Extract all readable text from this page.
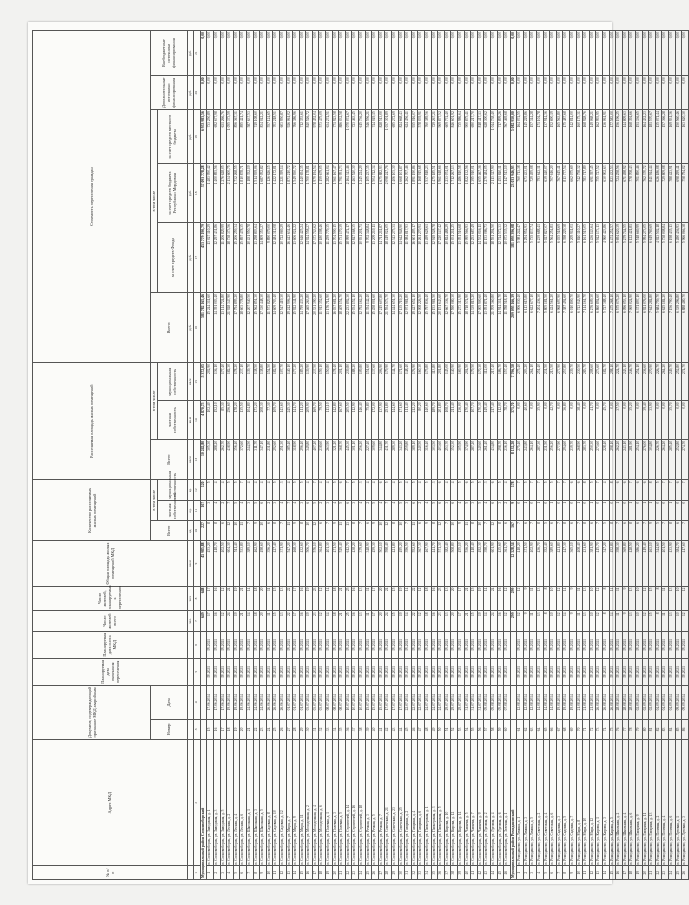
№ п/п	Адрес МКД	Документ, подтверждающий признание МКД аварийным		Планируемая дата окончания переселения	Планируемая дата сноса МКД	Число жителей всего	Число жителей, планируемых к переселению	Общая площадь жилых помещений МКД	Количество расселяемых жилых помещений			Расселяемая площадь жилых помещений			Стоимость переселения граждан					
		Номер	Дата						Всего	в том числе		Всего	в том числе		Всего:	в том числе			Дополнительные источники финансирования	Внебюджетные источники финансирования
										частная собственность	муниципальная собственность		частная собственность	муниципальная собственность		за счет средств Фонда	за счет средств бюджета Республики Мордовия	за счет средств местного бюджета		
						чел.	чел.	кв.м	ед.	ед.	ед.	кв.м	кв.м	кв.м	руб.	руб.	руб.	руб.	руб.	руб.
1	2	3	4	5	6	7	8	9	10	11	12	13	14	15	16	17	18	19	20	21
Муниципальный район Сосновоборский						649	648	45 985,88	227	107	120	10 242,80	4 870,75	5 372,05	581 782 165,46	453 779 190,79	37 093 778,28	6 953 983,56	0,00	0,00
1	п. Сосновоборск, ул. Заводская, д. 1	15	17.06.2014	IV.2021	IV.2021	17	17	453,20	8	3	5	305,30	102,40	202,90	15 244 311,60	13 027 110,29	1 483 950,42	733 250,89	0,00	0,00
2	п. Сосновоборск, ул. Заводская, д. 3	16	17.06.2014	IV.2021	IV.2021	16	16	418,70	8	4	4	288,20	152,10	136,10	14 391 003,40	12 297 431,86	1 400 893,56	692 677,98	0,00	0,00
3	п. Сосновоборск, ул. Заводская, д. 5	17	17.06.2014	IV.2021	IV.2021	12	12	402,50	6	2	4	262,70	85,30	177,40	13 114 724,80	11 206 829,99	1 276 628,05	631 266,76	0,00	0,00
4	п. Сосновоборск, ул. Лесная, д. 2	18	19.06.2014	IV.2021	IV.2021	24	24	604,30	12	7	5	438,90	256,60	182,30	21 928 347,90	18 738 373,56	2 134 600,75	1 055 373,59	0,00	0,00
5	п. Сосновоборск, ул. Лесная, д. 4	19	19.06.2014	IV.2021	IV.2021	19	19	511,40	10	5	5	356,40	178,20	178,20	17 794 895,20	15 206 259,34	1 732 268,55	856 367,31	0,00	0,00
6	п. Сосновоборск, ул. Лесная, д. 6	20	19.06.2014	IV.2021	IV.2021	21	21	533,80	11	4	7	372,60	135,50	237,10	18 603 778,80	15 897 478,35	1 810 878,71	895 421,74	0,00	0,00
7	п. Сосновоборск, ул. Школьная, д. 1	21	24.06.2014	IV.2021	IV.2021	14	14	389,10	7	3	4	244,50	104,80	139,70	12 207 940,50	10 431 950,78	1 188 352,19	587 637,53	0,00	0,00
8	п. Сосновоборск, ул. Школьная, д. 3	22	24.06.2014	IV.2021	IV.2021	18	18	462,90	9	5	4	311,70	173,20	138,50	15 562 851,30	13 298 803,64	1 514 939,06	749 108,60	0,00	0,00
9	п. Сосновоборск, ул. Школьная, д. 5	23	24.06.2014	IV.2021	IV.2021	20	20	498,60	10	6	4	347,10	208,30	138,80	17 330 448,30	14 809 353,27	1 687 052,82	834 042,21	0,00	0,00
10	п. Сосновоборск, ул. Садовая, д. 8	24	26.06.2014	IV.2021	IV.2021	11	11	356,20	6	2	4	231,80	77,30	154,50	11 573 829,80	9 890 079,00	1 126 626,15	557 124,65	0,00	0,00
11	п. Сосновоборск, ул. Садовая, д. 10	25	26.06.2014	IV.2021	IV.2021	15	15	427,40	8	3	5	292,60	109,70	182,90	14 609 703,40	12 484 312,08	1 422 172,81	703 218,51	0,00	0,00
12	п. Сосновоборск, ул. Садовая, д. 12	26	26.06.2014	IV.2021	IV.2021	13	13	371,90	7	4	3	251,30	143,60	107,70	12 547 419,30	10 722 069,29	1 221 399,14	603 950,87	0,00	0,00
13	п. Сосновоборск, ул. Мира, д. 7	27	01.07.2014	IV.2021	IV.2021	22	22	547,20	11	7	4	385,40	245,30	140,10	19 242 906,20	16 443 634,46	1 873 210,72	926 061,02	0,00	0,00
14	п. Сосновоборск, ул. Мира, д. 9	28	01.07.2014	IV.2021	IV.2021	17	17	468,30	9	4	5	318,90	141,70	177,20	15 922 341,90	13 606 024,22	1 549 930,72	766 386,96	0,00	0,00
15	п. Сосновоборск, ул. Мира, д. 11	29	01.07.2014	IV.2021	IV.2021	16	16	432,60	8	3	5	296,40	111,20	185,20	14 799 433,20	12 646 425,24	1 440 654,35	712 353,61	0,00	0,00
16	п. Сосновоборск, ул. Молодежная, д. 2	30	03.07.2014	IV.2021	IV.2021	19	19	506,70	10	6	4	349,80	209,90	139,90	17 465 263,80	14 924 558,27	1 700 178,81	840 526,72	0,00	0,00
17	п. Сосновоборск, ул. Молодежная, д. 4	31	03.07.2014	IV.2021	IV.2021	23	23	576,10	12	5	7	407,20	169,70	237,50	20 331 390,20	17 373 743,62	1 979 194,54	978 452,04	0,00	0,00
18	п. Сосновоборск, ул. Молодежная, д. 6	32	03.07.2014	IV.2021	IV.2021	12	12	364,80	6	2	4	238,60	79,50	159,10	11 913 352,60	10 180 198,46	1 159 679,05	573 475,09	0,00	0,00
19	п. Сосновоборск, ул. Полевая, д. 1	33	08.07.2014	IV.2021	IV.2021	14	14	401,30	7	3	4	263,90	113,10	150,80	13 176 714,90	11 259 779,35	1 282 661,04	634 274,51	0,00	0,00
20	п. Сосновоборск, ул. Полевая, д. 3	34	08.07.2014	IV.2021	IV.2021	18	18	471,50	9	4	5	321,20	142,80	178,40	16 037 681,20	13 704 590,15	1 561 167,47	771 923,58	0,00	0,00
21	п. Сосновоборск, ул. Полевая, д. 5	35	08.07.2014	IV.2021	IV.2021	21	21	529,40	11	5	6	368,70	167,60	201,10	18 409 154,70	15 731 170,39	1 791 951,73	886 032,58	0,00	0,00
22	п. Сосновоборск, ул. Строителей, д. 14	36	10.07.2014	IV.2021	IV.2021	25	25	612,70	13	6	7	445,30	205,50	239,80	22 233 892,30	18 999 474,17	2 164 343,46	1 070 074,67	0,00	0,00
23	п. Сосновоборск, ул. Строителей, д. 16	37	10.07.2014	IV.2021	IV.2021	16	16	438,20	8	3	5	301,10	112,90	188,20	15 034 152,10	12 847 168,35	1 463 520,30	723 463,45	0,00	0,00
24	п. Сосновоборск, ул. Строителей, д. 18	38	10.07.2014	IV.2021	IV.2021	13	13	379,60	7	4	3	256,20	146,40	109,80	12 792 162,20	10 931 201,71	1 245 224,29	615 736,20	0,00	0,00
25	п. Сосновоборск, ул. Речная, д. 3	39	15.07.2014	IV.2021	IV.2021	11	11	348,90	6	2	4	227,40	75,80	151,60	11 354 142,40	9 702 348,84	1 105 237,35	546 556,21	0,00	0,00
26	п. Сосновоборск, ул. Речная, д. 5	40	15.07.2014	IV.2021	IV.2021	17	17	459,30	9	5	4	309,60	172,00	137,60	15 458 001,60	13 209 210,11	1 504 742,34	744 049,15	0,00	0,00
27	п. Сосновоборск, ул. Речная, д. 7	41	15.07.2014	IV.2021	IV.2021	20	20	502,10	10	4	6	344,80	137,90	206,90	17 215 607,80	14 711 211,87	1 675 882,93	828 513,00	0,00	0,00
28	п. Сосновоборск, ул. Советская, д. 21	42	17.07.2014	IV.2021	IV.2021	24	24	598,40	12	7	5	431,70	251,80	179,90	21 554 573,70	18 419 024,05	2 098 247,76	1 037 301,89	0,00	0,00
29	п. Сосновоборск, ул. Советская, д. 23	43	17.07.2014	IV.2021	IV.2021	15	15	421,80	8	4	4	289,30	144,60	144,70	14 444 651,30	12 343 275,31	1 406 103,30	695 272,69	0,00	0,00
30	п. Сосновоборск, ул. Советская, д. 25	44	17.07.2014	IV.2021	IV.2021	19	19	495,20	10	5	5	343,20	171,60	171,60	17 135 719,20	14 642 948,90	1 668 101,87	824 668,43	0,00	0,00
31	п. Сосновоборск, ул. Гагарина, д. 2	45	22.07.2014	IV.2021	IV.2021	14	14	396,50	7	3	4	259,80	111,40	148,40	12 971 981,80	11 084 817,93	1 262 707,46	624 456,41	0,00	0,00
32	п. Сосновоборск, ул. Гагарина, д. 4	46	22.07.2014	IV.2021	IV.2021	22	22	552,60	11	6	5	389,10	212,20	176,90	19 427 652,10	16 601 495,17	1 891 190,86	935 016,07	0,00	0,00
33	п. Сосновоборск, ул. Гагарина, д. 6	47	22.07.2014	IV.2021	IV.2021	12	12	367,30	6	2	4	240,50	80,20	160,30	12 008 226,50	10 261 270,91	1 168 915,68	578 039,91	0,00	0,00
34	п. Сосновоборск, ул. Пионерская, д. 1	48	24.07.2014	IV.2021	IV.2021	18	18	467,90	9	4	5	316,40	140,60	175,80	15 797 836,40	13 499 628,61	1 537 818,23	760 389,56	0,00	0,00
35	п. Сосновоборск, ул. Пионерская, д. 3	49	24.07.2014	IV.2021	IV.2021	16	16	441,70	8	5	3	303,50	189,70	113,80	15 153 981,50	12 949 528,78	1 475 185,51	729 267,21	0,00	0,00
36	п. Сосновоборск, ул. Пионерская, д. 5	50	24.07.2014	IV.2021	IV.2021	23	23	571,30	12	6	6	403,60	201,80	201,80	20 151 643,60	17 220 147,42	1 961 618,66	969 877,52	0,00	0,00
37	п. Сосновоборск, ул. Кирова, д. 10	51	29.07.2014	IV.2021	IV.2021	13	13	382,40	7	3	4	253,70	108,70	145,00	12 667 336,70	10 824 488,29	1 233 074,01	609 774,40	0,00	0,00
38	п. Сосновоборск, ул. Кирова, д. 12	52	29.07.2014	IV.2021	IV.2021	20	20	508,80	10	6	4	352,30	211,40	140,90	17 590 080,30	15 031 211,25	1 712 267,13	846 601,92	0,00	0,00
39	п. Сосновоборск, ул. Кирова, д. 14	53	29.07.2014	IV.2021	IV.2021	17	17	455,10	9	4	5	305,90	136,00	169,90	15 273 313,90	13 051 516,68	1 486 810,58	735 986,64	0,00	0,00
40	п. Сосновоборск, ул. Чапаева, д. 5	54	31.07.2014	IV.2021	IV.2021	21	21	536,20	11	5	6	374,90	170,40	204,50	18 718 574,90	15 995 566,93	1 822 132,56	900 875,41	0,00	0,00
41	п. Сосновоборск, ул. Чапаева, д. 7	55	31.07.2014	IV.2021	IV.2021	15	15	418,40	8	3	5	287,20	107,70	179,50	14 339 815,20	12 253 687,49	1 395 910,01	690 217,70	0,00	0,00
42	п. Сосновоборск, ул. Чапаева, д. 9	56	31.07.2014	IV.2021	IV.2021	19	19	492,30	10	5	5	340,60	170,30	170,30	17 005 900,60	14 532 016,11	1 655 467,36	818 417,13	0,00	0,00
43	п. Сосновоборск, ул. Луговая, д. 2	57	05.08.2014	IV.2021	IV.2021	14	14	398,70	7	4	3	261,40	149,40	112,00	13 051 871,40	11 153 086,73	1 270 484,05	628 300,62	0,00	0,00
44	п. Сосновоборск, ул. Луговая, д. 4	58	05.08.2014	IV.2021	IV.2021	24	24	601,90	12	6	6	434,80	217,40	217,40	21 709 360,80	18 551 294,50	2 113 327,90	1 044 738,40	0,00	0,00
45	п. Сосновоборск, ул. Луговая, д. 6	59	05.08.2014	IV.2021	IV.2021	16	16	435,60	8	3	5	298,70	112,00	186,70	14 914 311,70	12 744 572,33	1 451 840,11	717 899,26	0,00	0,00
46	п. Сосновоборск, ул. Зеленая, д. 1	60	07.08.2014	IV.2021	IV.2021	12	12	361,70	6	2	4	236,10	78,70	157,40	11 788 518,10	10 073 535,32	1 147 513,10	567 469,68	0,00	0,00
Муниципальный район Ромодановский						299	299	12 328,34	167	9	178	8 132,20	373,70	7 796,50	209 095 166,39	181 093 396,08	23 033 946,95	5 082 950,00	0,00	0,00
1	п. Ромоданово, ул. Ленина, д. 1	61	12.08.2014	IV.2021	IV.2021	12	12	418,20	7	0	7	275,40	0,00	275,40	6 906 030,40	5 981 242,47	760 713,38	164 074,55	0,00	0,00
2	п. Ромоданово, ул. Ленина, д. 3	62	12.08.2014	IV.2021	IV.2021	9	9	371,50	6	1	5	243,80	40,60	203,20	6 113 615,80	5 294 952,93	673 433,01	145 229,86	0,00	0,00
3	п. Ромоданово, ул. Ленина, д. 5	63	12.08.2014	IV.2021	IV.2021	11	11	402,90	7	0	7	264,10	0,00	264,10	6 622 677,10	5 735 837,74	729 495,08	157 344,28	0,00	0,00
4	п. Ромоданово, ул. Советская, д. 2	64	14.08.2014	IV.2021	IV.2021	13	13	436,70	8	1	7	287,30	35,90	251,40	7 204 436,30	6 239 688,41	793 643,11	171 104,78	0,00	0,00
5	п. Ромоданово, ул. Советская, д. 4	65	14.08.2014	IV.2021	IV.2021	8	8	352,40	5	0	5	231,50	0,00	231,50	5 805 181,50	5 027 827,07	639 440,07	137 914,36	0,00	0,00
6	п. Ромоданово, ул. Советская, д. 6	66	14.08.2014	IV.2021	IV.2021	10	10	389,60	6	1	5	256,20	42,70	213,50	6 424 561,20	5 564 254,81	707 616,20	152 690,19	0,00	0,00
7	п. Ромоданово, ул. Садовая, д. 3	67	19.08.2014	IV.2021	IV.2021	12	12	421,80	7	0	7	277,90	0,00	277,90	6 968 697,90	6 035 518,69	767 615,41	165 563,80	0,00	0,00
8	п. Ромоданово, ул. Садовая, д. 5	68	19.08.2014	IV.2021	IV.2021	14	14	447,30	8	1	7	294,60	36,80	257,80	7 387 494,60	6 398 229,38	813 777,54	175 487,68	0,00	0,00
9	п. Ромоданово, ул. Садовая, д. 7	69	19.08.2014	IV.2021	IV.2021	9	9	365,10	6	0	6	239,70	0,00	239,70	6 010 800,70	5 205 911,01	662 075,69	142 814,00	0,00	0,00
10	п. Ромоданово, ул. Мира, д. 8	70	21.08.2014	IV.2021	IV.2021	11	11	408,40	7	1	6	268,90	38,40	230,50	6 743 043,90	5 840 110,27	742 758,32	160 175,31	0,00	0,00
11	п. Ромоданово, ул. Мира, д. 10	71	21.08.2014	IV.2021	IV.2021	13	13	431,60	8	0	8	283,70	0,00	283,70	7 114 161,70	6 161 515,05	783 717,89	168 928,76	0,00	0,00
12	п. Ромоданово, ул. Мира, д. 12	72	21.08.2014	IV.2021	IV.2021	10	10	381,90	6	1	5	250,30	41,70	208,60	6 276 609,30	5 436 143,64	691 397,45	149 068,21	0,00	0,00
13	п. Ромоданово, ул. Кирова, д. 1	73	26.08.2014	IV.2021	IV.2021	12	12	415,70	7	0	7	273,60	0,00	273,60	6 860 894,60	5 942 173,13	755 727,52	162 993,95	0,00	0,00
14	п. Ромоданово, ул. Кирова, д. 3	74	26.08.2014	IV.2021	IV.2021	8	8	347,20	5	1	4	228,40	45,70	182,70	5 727 388,40	4 960 423,86	630 902,63	136 061,91	0,00	0,00
15	п. Ромоданово, ул. Кирова, д. 5	75	26.08.2014	IV.2021	IV.2021	14	14	452,80	8	0	8	298,10	0,00	298,10	7 475 268,10	6 474 252,57	823 432,53	177 583,00	0,00	0,00
16	п. Ромоданово, ул. Школьная, д. 2	76	28.08.2014	IV.2021	IV.2021	11	11	398,30	7	1	6	262,20	37,50	224,70	6 575 075,20	5 694 620,39	724 258,56	156 196,25	0,00	0,00
17	п. Ромоданово, ул. Школьная, д. 4	77	28.08.2014	IV.2021	IV.2021	9	9	369,80	6	0	6	243,10	0,00	243,10	6 096 053,10	5 279 744,55	671 498,92	144 809,63	0,00	0,00
18	п. Ромоданово, ул. Школьная, д. 6	78	28.08.2014	IV.2021	IV.2021	13	13	428,50	8	1	7	281,90	35,20	246,70	7 069 024,90	6 122 421,81	778 708,43	168 394,66	0,00	0,00
19	п. Ромоданово, ул. Гагарина, д. 9	79	02.09.2014	IV.2021	IV.2021	10	10	386,20	6	0	6	254,10	0,00	254,10	6 371 897,10	5 518 669,99	701 890,46	151 336,65	0,00	0,00
20	п. Ромоданово, ул. Гагарина, д. 11	80	02.09.2014	IV.2021	IV.2021	12	12	419,40	7	1	6	276,00	39,40	236,60	6 921 076,00	5 994 273,05	762 370,72	164 432,23	0,00	0,00
21	п. Ромоданово, ул. Гагарина, д. 13	81	02.09.2014	IV.2021	IV.2021	15	15	463,10	9	1	8	304,80	33,90	270,90	7 643 284,80	6 619 769,69	841 944,44	181 570,67	0,00	0,00
22	п. Ромоданово, ул. Полевая, д. 2	82	04.09.2014	IV.2021	IV.2021	8	8	344,60	5	0	5	226,70	0,00	226,70	5 684 759,70	4 923 502,18	626 186,08	135 071,44	0,00	0,00
23	п. Ромоданово, ул. Полевая, д. 4	83	04.09.2014	IV.2021	IV.2021	11	11	401,50	7	0	7	264,20	0,00	264,20	6 625 184,20	5 738 008,84	729 809,08	157 366,28	0,00	0,00
24	п. Ромоданово, ул. Полевая, д. 6	84	04.09.2014	IV.2021	IV.2021	13	13	433,90	8	1	7	285,40	35,70	249,70	7 156 790,40	6 198 435,13	788 423,91	169 931,36	0,00	0,00
25	п. Ромоданово, ул. Луговая, д. 1	85	09.09.2014	IV.2021	IV.2021	10	10	384,70	6	0	6	252,80	0,00	252,80	6 339 296,80	5 490 436,93	698 299,41	150 560,46	0,00	0,00
26	п. Ромоданово, ул. Луговая, д. 3	86	09.09.2014	IV.2021	IV.2021	12	12	417,60	7	0	7	274,70	0,00	274,70	6 888 480,70	5 966 066,38	758 794,02	163 620,30	0,00	0,00
